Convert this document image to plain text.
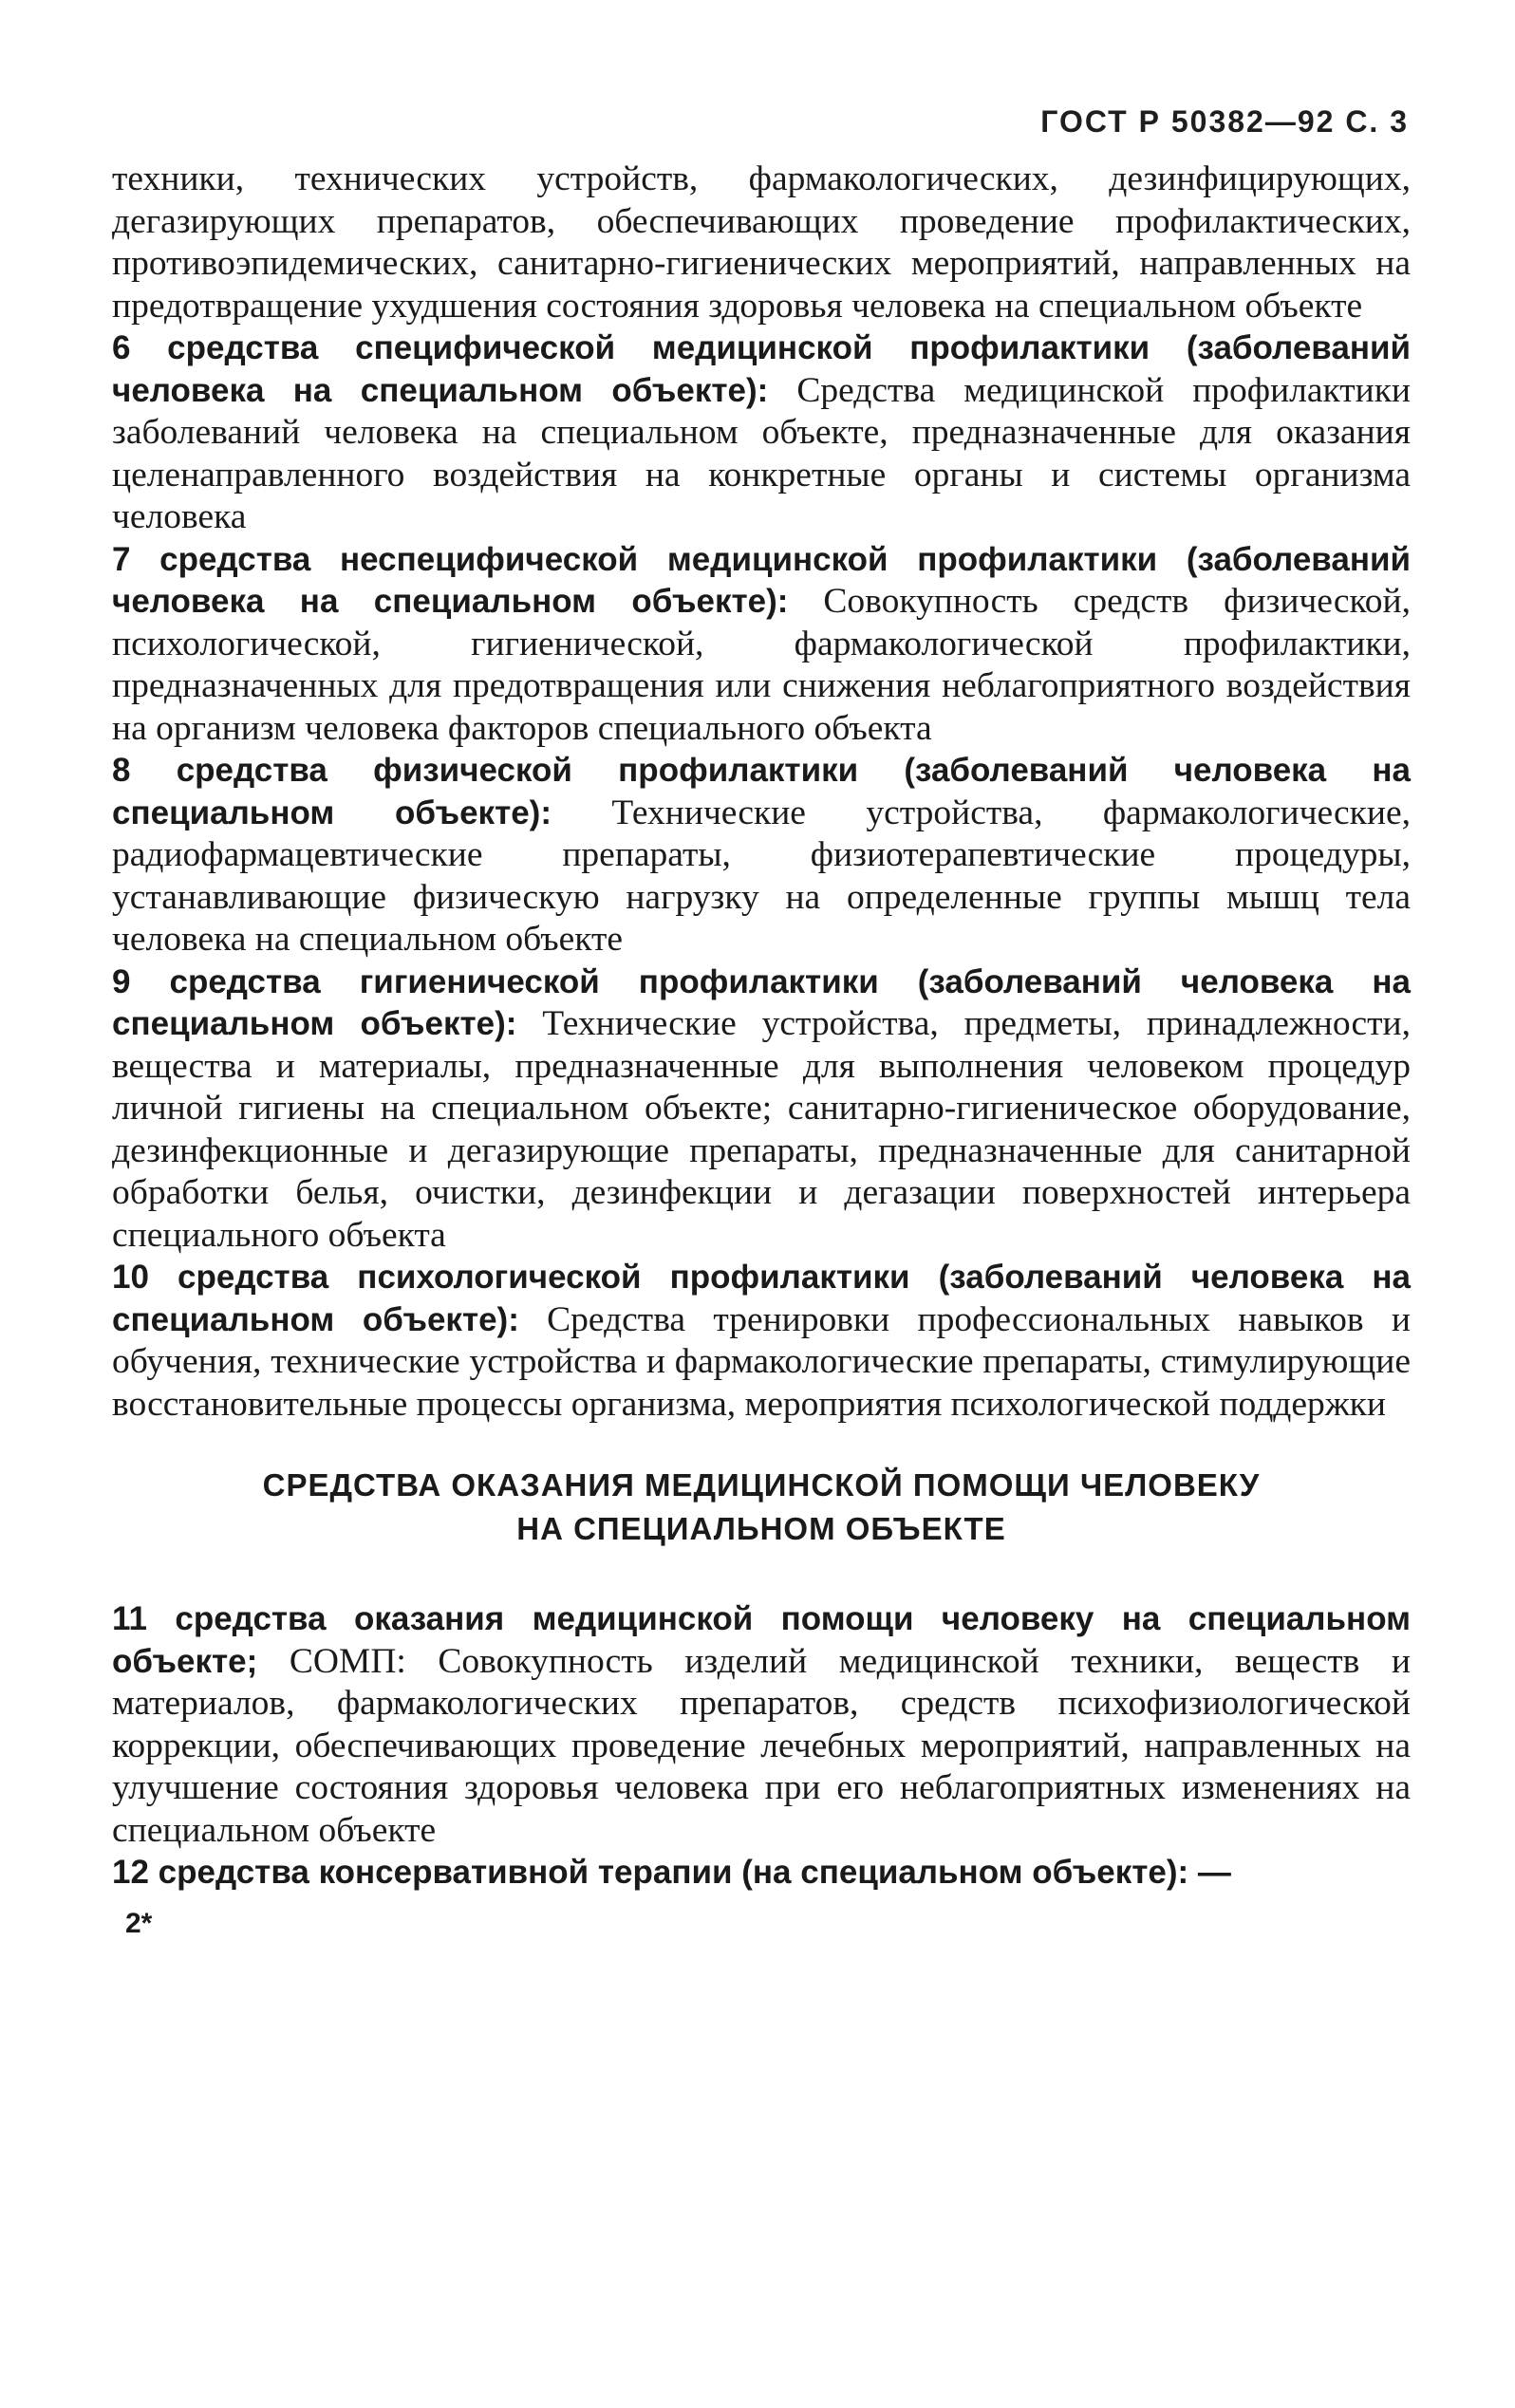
ГОСТ Р 50382—92 С. 3

техники, технических устройств, фармакологических, дезинфицирующих, дегазирующих препаратов, обеспечивающих проведение профилактических, противоэпидемических, санитарно-гигиенических мероприятий, направленных на предотвращение ухудшения состояния здоровья человека на специальном объекте

6 средства специфической медицинской профилактики (заболеваний человека на специальном объекте): Средства медицинской профилактики заболеваний человека на специальном объекте, предназначенные для оказания целенаправленного воздействия на конкретные органы и системы организма человека

7 средства неспецифической медицинской профилактики (заболеваний человека на специальном объекте): Совокупность средств физической, психологической, гигиенической, фармакологической профилактики, предназначенных для предотвращения или снижения неблагоприятного воздействия на организм человека факторов специального объекта

8 средства физической профилактики (заболеваний человека на специальном объекте): Технические устройства, фармакологические, радиофармацевтические препараты, физиотерапевтические процедуры, устанавливающие физическую нагрузку на определенные группы мышц тела человека на специальном объекте

9 средства гигиенической профилактики (заболеваний человека на специальном объекте): Технические устройства, предметы, принадлежности, вещества и материалы, предназначенные для выполнения человеком процедур личной гигиены на специальном объекте; санитарно-гигиеническое оборудование, дезинфекционные и дегазирующие препараты, предназначенные для санитарной обработки белья, очистки, дезинфекции и дегазации поверхностей интерьера специального объекта

10 средства психологической профилактики (заболеваний человека на специальном объекте): Средства тренировки профессиональных навыков и обучения, технические устройства и фармакологические препараты, стимулирующие восстановительные процессы организма, мероприятия психологической поддержки

СРЕДСТВА ОКАЗАНИЯ МЕДИЦИНСКОЙ ПОМОЩИ ЧЕЛОВЕКУ
НА СПЕЦИАЛЬНОМ ОБЪЕКТЕ

11 средства оказания медицинской помощи человеку на специальном объекте; СОМП: Совокупность изделий медицинской техники, веществ и материалов, фармакологических препаратов, средств психофизиологической коррекции, обеспечивающих проведение лечебных мероприятий, направленных на улучшение состояния здоровья человека при его неблагоприятных изменениях на специальном объекте

12 средства консервативной терапии (на специальном объекте): —

2*
